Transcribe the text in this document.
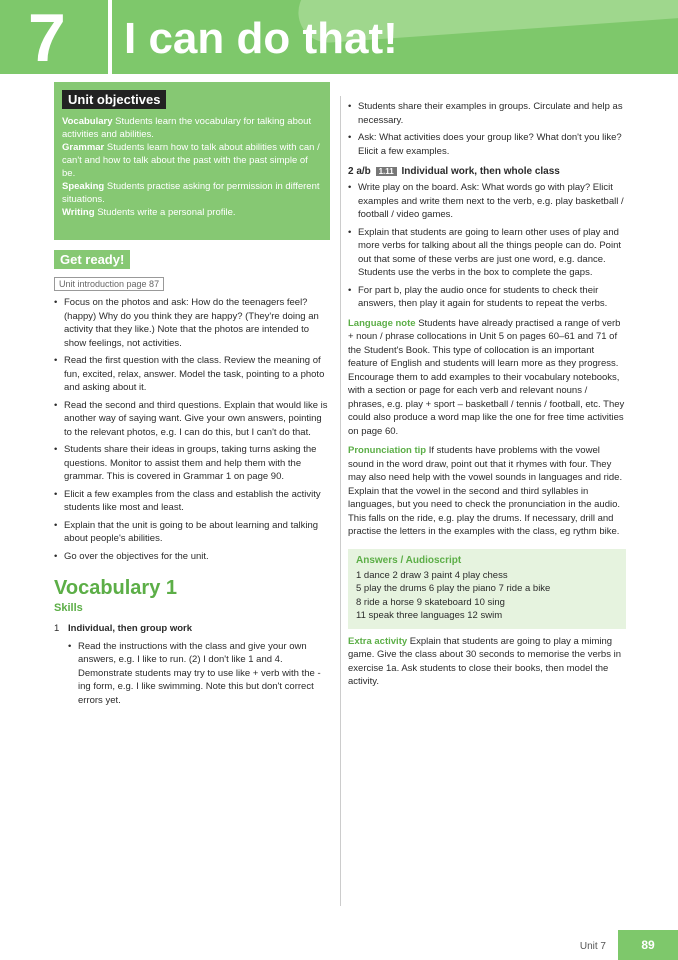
7 I can do that!
Unit objectives
Vocabulary Students learn the vocabulary for talking about activities and abilities.
Grammar Students learn how to talk about abilities with can / can't and how to talk about the past with the past simple of be.
Speaking Students practise asking for permission in different situations.
Writing Students write a personal profile.
Get ready!
Unit introduction page 87
• Focus on the photos and ask: How do the teenagers feel? (happy) Why do you think they are happy? (They're doing an activity that they like.) Note that the photos are intended to show feelings, not activities.
• Read the first question with the class. Review the meaning of fun, excited, relax, answer. Model the task, pointing to a photo and asking about it.
• Read the second and third questions. Explain that would like is another way of saying want. Give your own answers, pointing to the relevant photos, e.g. I can do this, but I can't do that.
• Students share their ideas in groups, taking turns asking the questions. Monitor to assist them and help them with the grammar. This is covered in Grammar 1 on page 90.
• Elicit a few examples from the class and establish the activity students like most and least.
• Explain that the unit is going to be about learning and talking about people's abilities.
• Go over the objectives for the unit.
Vocabulary 1
Skills
1 Individual, then group work
• Read the instructions with the class and give your own answers, e.g. I like to run. (2) I don't like 1 and 4. Demonstrate students may try to use like + verb with the -ing form, e.g. I like swimming. Note this but don't correct errors yet.
• Students share their examples in groups. Circulate and help as necessary.
• Ask: What activities does your group like? What don't you like? Elicit a few examples.
2 a/b 1.11 Individual work, then whole class
• Write play on the board. Ask: What words go with play? Elicit examples and write them next to the verb, e.g. play basketball / football / video games.
• Explain that students are going to learn other uses of play and more verbs for talking about all the things people can do. Point out that some of these verbs are just one word, e.g. dance. Students use the verbs in the box to complete the gaps.
• For part b, play the audio once for students to check their answers, then play it again for students to repeat the verbs.
Language note Students have already practised a range of verb + noun / phrase collocations in Unit 5 on pages 60–61 and 71 of the Student's Book. This type of collocation is an important feature of English and students will learn more as they progress. Encourage them to add examples to their vocabulary notebooks, with a section or page for each verb and relevant nouns / phrases, e.g. play + sport – basketball / tennis / football, etc. They could also produce a word map like the one for free time activities on page 60.
Pronunciation tip If students have problems with the vowel sound in the word draw, point out that it rhymes with four. They may also need help with the vowel sounds in languages and ride. Explain that the vowel in the second and third syllables in languages, but you need to check the pronunciation in the audio. This falls on the ride, e.g. play the drums. If necessary, drill and practise the letters in the examples with the class, eg rythm bike.
Answers / Audioscript
1 dance 2 draw 3 paint 4 play chess
5 play the drums 6 play the piano 7 ride a bike
8 ride a horse 9 skateboard 10 sing
11 speak three languages 12 swim
Extra activity Explain that students are going to play a miming game. Give the class about 30 seconds to memorise the verbs in exercise 1a. Ask students to close their books, then model the activity.
Unit 7	89
